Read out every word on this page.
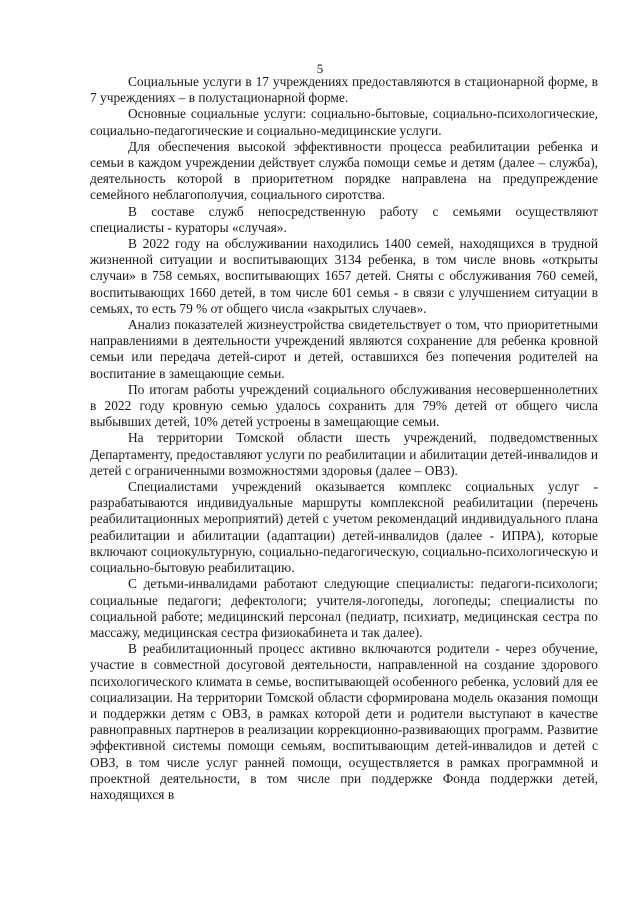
5

Социальные услуги в 17 учреждениях предоставляются в стационарной форме, в 7 учреждениях – в полустационарной форме.

Основные социальные услуги: социально-бытовые, социально-психологические, социально-педагогические и социально-медицинские услуги.

Для обеспечения высокой эффективности процесса реабилитации ребенка и семьи в каждом учреждении действует служба помощи семье и детям (далее – служба), деятельность которой в приоритетном порядке направлена на предупреждение семейного неблагополучия, социального сиротства.

В составе служб непосредственную работу с семьями осуществляют специалисты - кураторы «случая».

В 2022 году на обслуживании находились 1400 семей, находящихся в трудной жизненной ситуации и воспитывающих 3134 ребенка, в том числе вновь «открыты случаи» в 758 семьях, воспитывающих 1657 детей. Сняты с обслуживания 760 семей, воспитывающих 1660 детей, в том числе 601 семья - в связи с улучшением ситуации в семьях, то есть 79 % от общего числа «закрытых случаев».

Анализ показателей жизнеустройства свидетельствует о том, что приоритетными направлениями в деятельности учреждений являются сохранение для ребенка кровной семьи или передача детей-сирот и детей, оставшихся без попечения родителей на воспитание в замещающие семьи.

По итогам работы учреждений социального обслуживания несовершеннолетних в 2022 году кровную семью удалось сохранить для 79% детей от общего числа выбывших детей, 10% детей устроены в замещающие семьи.

На территории Томской области шесть учреждений, подведомственных Департаменту, предоставляют услуги по реабилитации и абилитации детей-инвалидов и детей с ограниченными возможностями здоровья (далее – ОВЗ).

Специалистами учреждений оказывается комплекс социальных услуг - разрабатываются индивидуальные маршруты комплексной реабилитации (перечень реабилитационных мероприятий) детей с учетом рекомендаций индивидуального плана реабилитации и абилитации (адаптации) детей-инвалидов (далее - ИПРА), которые включают социокультурную, социально-педагогическую, социально-психологическую и социально-бытовую реабилитацию.

С детьми-инвалидами работают следующие специалисты: педагоги-психологи; социальные педагоги; дефектологи; учителя-логопеды, логопеды; специалисты по социальной работе; медицинский персонал (педиатр, психиатр, медицинская сестра по массажу, медицинская сестра физиокабинета и так далее).

В реабилитационный процесс активно включаются родители - через обучение, участие в совместной досуговой деятельности, направленной на создание здорового психологического климата в семье, воспитывающей особенного ребенка, условий для ее социализации. На территории Томской области сформирована модель оказания помощи и поддержки детям с ОВЗ, в рамках которой дети и родители выступают в качестве равноправных партнеров в реализации коррекционно-развивающих программ. Развитие эффективной системы помощи семьям, воспитывающим детей-инвалидов и детей с ОВЗ, в том числе услуг ранней помощи, осуществляется в рамках программной и проектной деятельности, в том числе при поддержке Фонда поддержки детей, находящихся в
